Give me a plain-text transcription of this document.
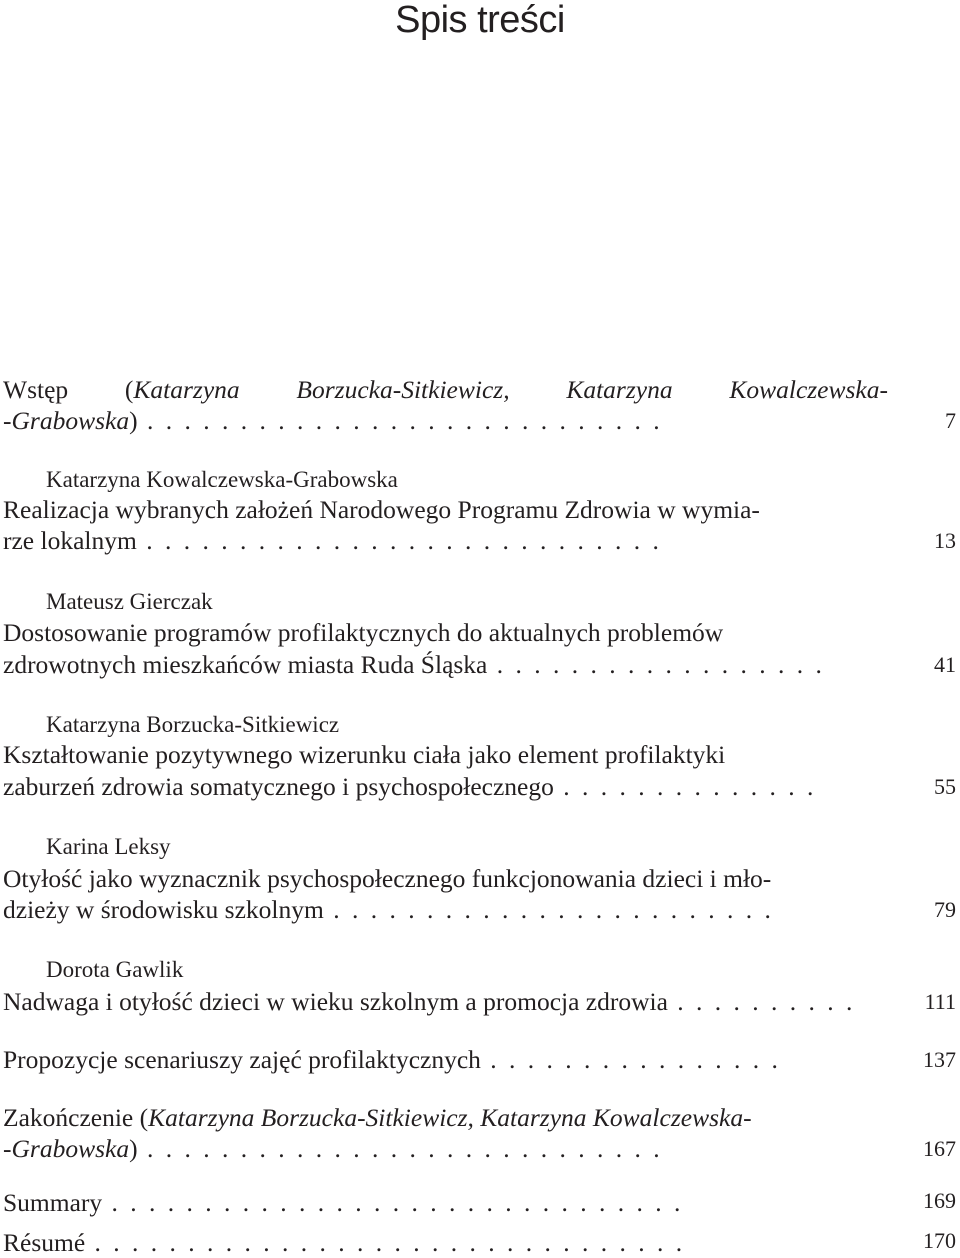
Spis treści
Wstęp (Katarzyna Borzucka-Sitkiewicz, Katarzyna Kowalczewska-
-Grabowska) . . . . . . . . . . . . . . . . . . . . . . . . . . . .	7
Katarzyna Kowalczewska-Grabowska
Realizacja wybranych założeń Narodowego Programu Zdrowia w wymia-
rze lokalnym . . . . . . . . . . . . . . . . . . . . . . . . . . . .	13
Mateusz Gierczak
Dostosowanie programów profilaktycznych do aktualnych problemów
zdrowotnych mieszkańców miasta Ruda Śląska . . . . . . . . . . . . . . . . . .	41
Katarzyna Borzucka-Sitkiewicz
Kształtowanie pozytywnego wizerunku ciała jako element profilaktyki
zaburzeń zdrowia somatycznego i psychospołecznego . . . . . . . . . . . . . .	55
Karina Leksy
Otyłość jako wyznacznik psychospołecznego funkcjonowania dzieci i mło-
dzieży w środowisku szkolnym . . . . . . . . . . . . . . . . . . . . . . . .	79
Dorota Gawlik
Nadwaga i otyłość dzieci w wieku szkolnym a promocja zdrowia . . . . . . . . . .	111
Propozycje scenariuszy zajęć profilaktycznych . . . . . . . . . . . . . . . .	137
Zakończenie (Katarzyna Borzucka-Sitkiewicz, Katarzyna Kowalczewska-
-Grabowska) . . . . . . . . . . . . . . . . . . . . . . . . . . . .	167
Summary . . . . . . . . . . . . . . . . . . . . . . . . . . . . . . .	169
Résumé . . . . . . . . . . . . . . . . . . . . . . . . . . . . . . . .	170
